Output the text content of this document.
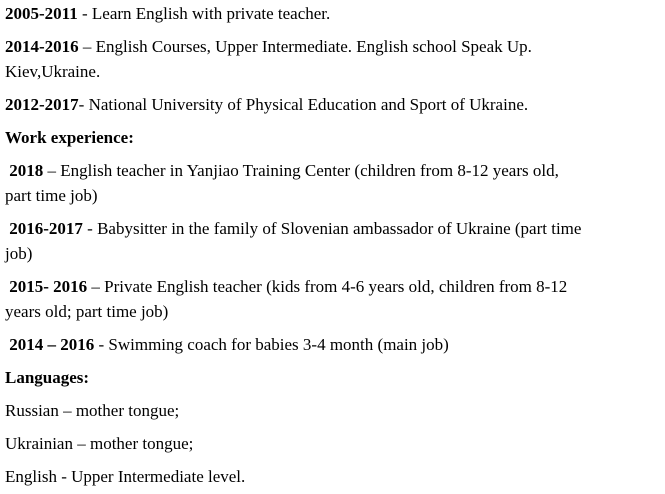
2005-2011 - Learn English with private teacher.

2014-2016 – English Courses, Upper Intermediate. English school Speak Up.
Kiev,Ukraine.

2012-2017- National University of Physical Education and Sport of Ukraine.

Work experience:

2018 – English teacher in Yanjiao Training Center (children from 8-12 years old,
part time job)

2016-2017 - Babysitter in the family of Slovenian ambassador of Ukraine (part time
job)

2015- 2016 – Private English teacher (kids from 4-6 years old, children from 8-12
years old; part time job)

2014 – 2016 - Swimming coach for babies 3-4 month (main job)

Languages:

Russian – mother tongue;

Ukrainian – mother tongue;

English - Upper Intermediate level.
